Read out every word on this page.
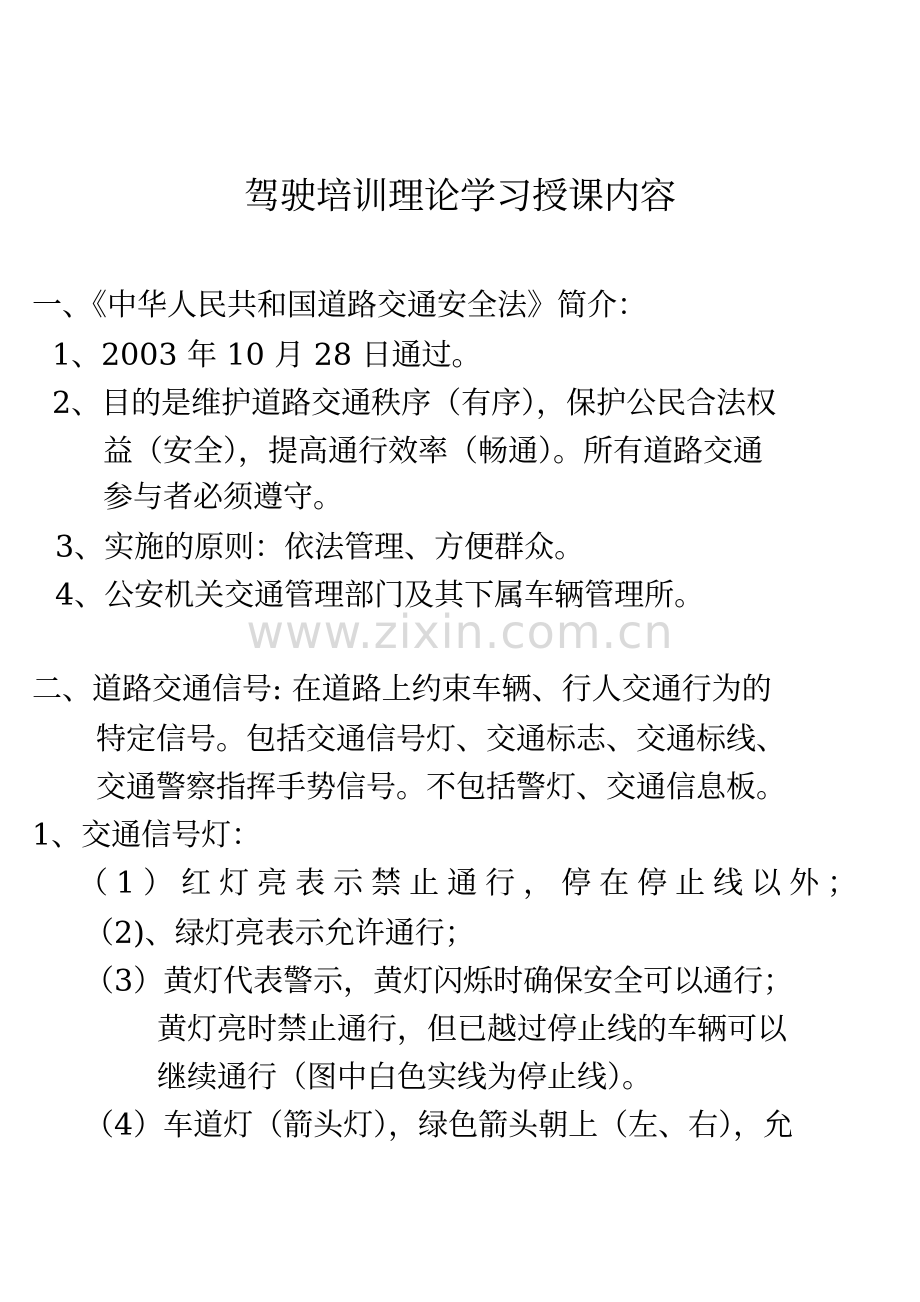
驾驶培训理论学习授课内容
一、《中华人民共和国道路交通安全法》简介：
1、2003 年 10 月 28 日通过。
2、目的是维护道路交通秩序（有序），保护公民合法权
益（安全），提高通行效率（畅通）。所有道路交通
参与者必须遵守。
3、实施的原则：依法管理、方便群众。
4、公安机关交通管理部门及其下属车辆管理所。
www.zixin.com.cn
二、道路交通信号: 在道路上约束车辆、行人交通行为的
特定信号。包括交通信号灯、交通标志、交通标线、
交通警察指挥手势信号。不包括警灯、交通信息板。
1、交通信号灯：
（1）红灯亮表示禁止通行，停在停止线以外；
（2)、绿灯亮表示允许通行；
（3）黄灯代表警示，黄灯闪烁时确保安全可以通行；
黄灯亮时禁止通行，但已越过停止线的车辆可以
继续通行（图中白色实线为停止线）。
（4）车道灯（箭头灯），绿色箭头朝上（左、右），允
